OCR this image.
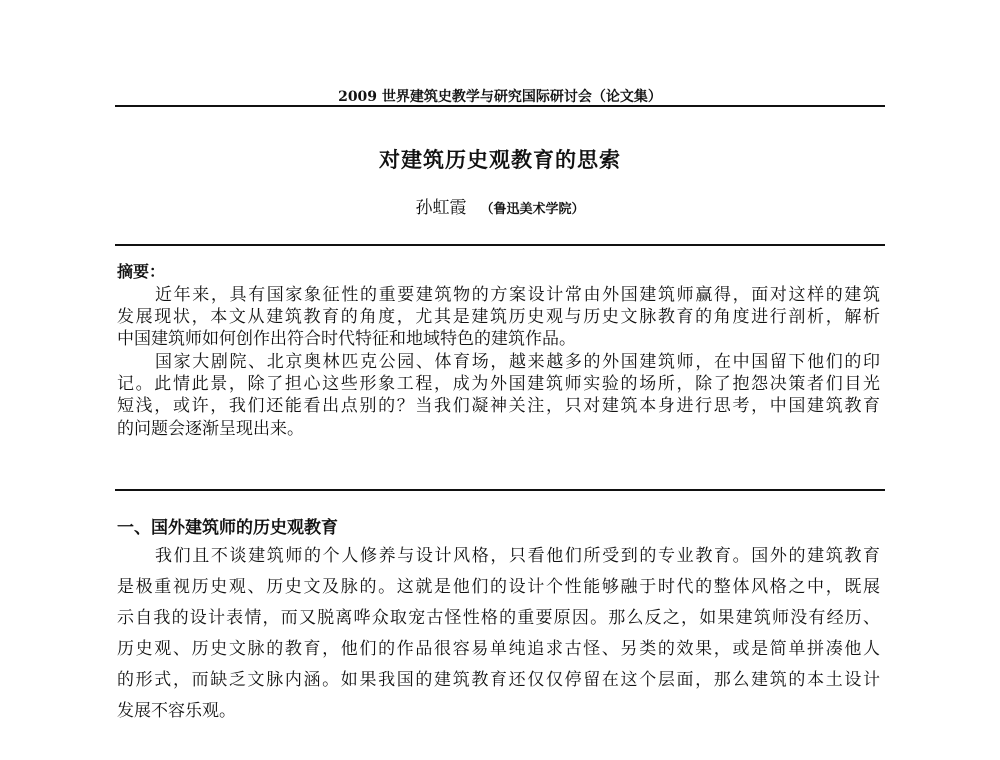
2009 世界建筑史教学与研究国际研讨会（论文集）
对建筑历史观教育的思索
孙虹霞 （鲁迅美术学院）
摘要：
近年来，具有国家象征性的重要建筑物的方案设计常由外国建筑师赢得，面对这样的建筑
发展现状，本文从建筑教育的角度，尤其是建筑历史观与历史文脉教育的角度进行剖析，解析
中国建筑师如何创作出符合时代特征和地域特色的建筑作品。
国家大剧院、北京奥林匹克公园、体育场，越来越多的外国建筑师，在中国留下他们的印
记。此情此景，除了担心这些形象工程，成为外国建筑师实验的场所，除了抱怨决策者们目光
短浅，或许，我们还能看出点别的？当我们凝神关注，只对建筑本身进行思考，中国建筑教育
的问题会逐渐呈现出来。
一、国外建筑师的历史观教育
我们且不谈建筑师的个人修养与设计风格，只看他们所受到的专业教育。国外的建筑教育
是极重视历史观、历史文及脉的。这就是他们的设计个性能够融于时代的整体风格之中，既展
示自我的设计表情，而又脱离哗众取宠古怪性格的重要原因。那么反之，如果建筑师没有经历、
历史观、历史文脉的教育，他们的作品很容易单纯追求古怪、另类的效果，或是简单拼凑他人
的形式，而缺乏文脉内涵。如果我国的建筑教育还仅仅停留在这个层面，那么建筑的本土设计
发展不容乐观。
